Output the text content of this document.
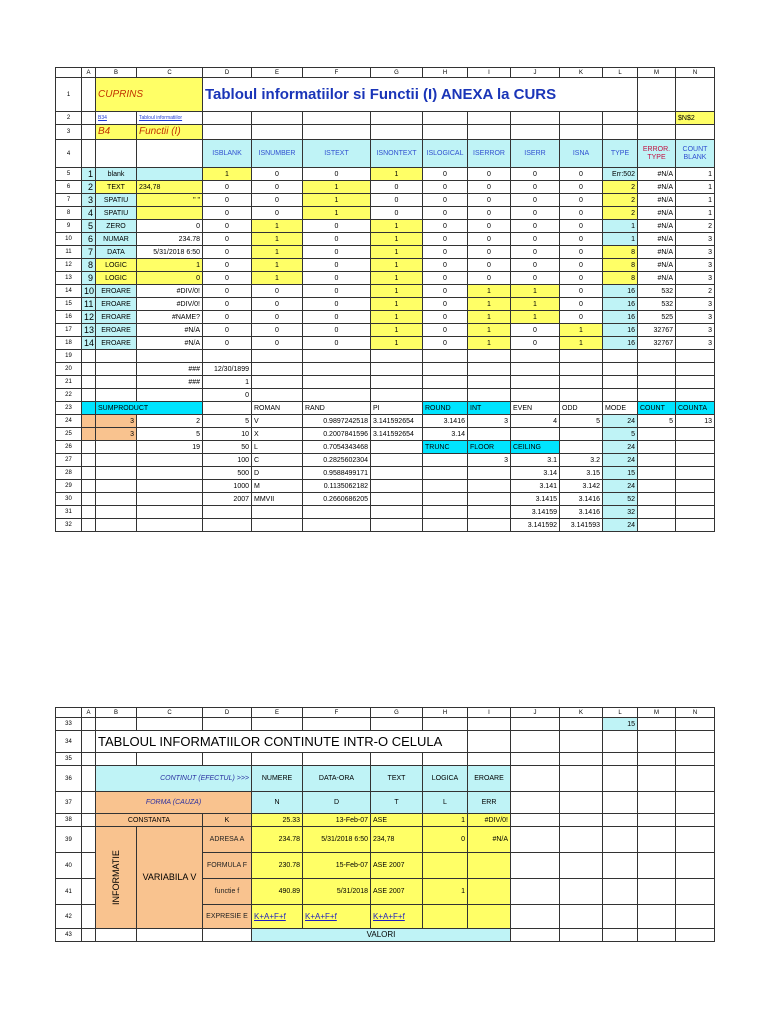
	A	B	C	D	E	F	G	H	I	J	K	L	M	N
1		CUPRINS		Tabloul informatiilor si Functii (I) ANEXA la CURS										
2		B34	Tabloul informatiilor											$N$2
3		B4	Functii (I)											
4				ISBLANK	ISNUMBER	ISTEXT	ISNONTEXT	ISLOGICAL	ISERROR	ISERR	ISNA	TYPE	ERROR. TYPE	COUNT BLANK
5	1	blank		1	0	0	1	0	0	0	0	Err:502	#N/A	1
6	2	TEXT	234,78	0	0	1	0	0	0	0	0	2	#N/A	1
7	3	SPATIU	" "	0	0	1	0	0	0	0	0	2	#N/A	1
8	4	SPATIU		0	0	1	0	0	0	0	0	2	#N/A	1
9	5	ZERO	0	0	1	0	1	0	0	0	0	1	#N/A	2
10	6	NUMAR	234.78	0	1	0	1	0	0	0	0	1	#N/A	3
11	7	DATA	5/31/2018 6:50	0	1	0	1	0	0	0	0	8	#N/A	3
12	8	LOGIC	1	0	1	0	1	0	0	0	0	8	#N/A	3
13	9	LOGIC	0	0	1	0	1	0	0	0	0	8	#N/A	3
14	10	EROARE	#DIV/0!	0	0	0	1	0	1	1	0	16	532	2
15	11	EROARE	#DIV/0!	0	0	0	1	0	1	1	0	16	532	3
16	12	EROARE	#NAME?	0	0	0	1	0	1	1	0	16	525	3
17	13	EROARE	#N/A	0	0	0	1	0	1	0	1	16	32767	3
18	14	EROARE	#N/A	0	0	0	1	0	1	0	1	16	32767	3
19														
20			###	12/30/1899										
21			###	1										
22				0										
23		SUMPRODUCT			ROMAN	RAND	PI	ROUND	INT	EVEN	ODD	MODE	COUNT	COUNTA
24		3	2	5	V	0.9897242518	3.141592654	3.1416	3	4	5	24	5	13
25		3	5	10	X	0.2007841596	3.141592654	3.14				5		
26			19	50	L	0.7054343468		TRUNC	FLOOR	CEILING		24		
27				100	C	0.2825602304			3	3.1	3.2	24		
28				500	D	0.9588499171				3.14	3.15	15		
29				1000	M	0.1135062182				3.141	3.142	24		
30				2007	MMVII	0.2660686205				3.1415	3.1416	52		
31										3.14159	3.1416	32		
32										3.141592	3.141593	24		
	A	B	C	D	E	F	G	H	I	J	K	L	M	N
33												15		
34		TABLOUL INFORMATIILOR CONTINUTE INTR-O CELULA												
35														
36		CONTINUT (EFECTUL) >>>			NUMERE	DATA-ORA	TEXT	LOGICA	EROARE					
37		FORMA (CAUZA)			N	D	T	L	ERR					
38		CONSTANTA		K	25.33	13-Feb-07	ASE	1	#DIV/0!					
39		INFORMATIE	VARIABILA V	ADRESA A	234.78	5/31/2018 6:50	234,78	0	#N/A					
40				FORMULA F	230.78	15-Feb-07	ASE 2007							
41				functie f	490.89	5/31/2018	ASE 2007	1						
42				EXPRESIE E	K+A+F+f	K+A+F+f	K+A+F+f							
43					VALORI									
